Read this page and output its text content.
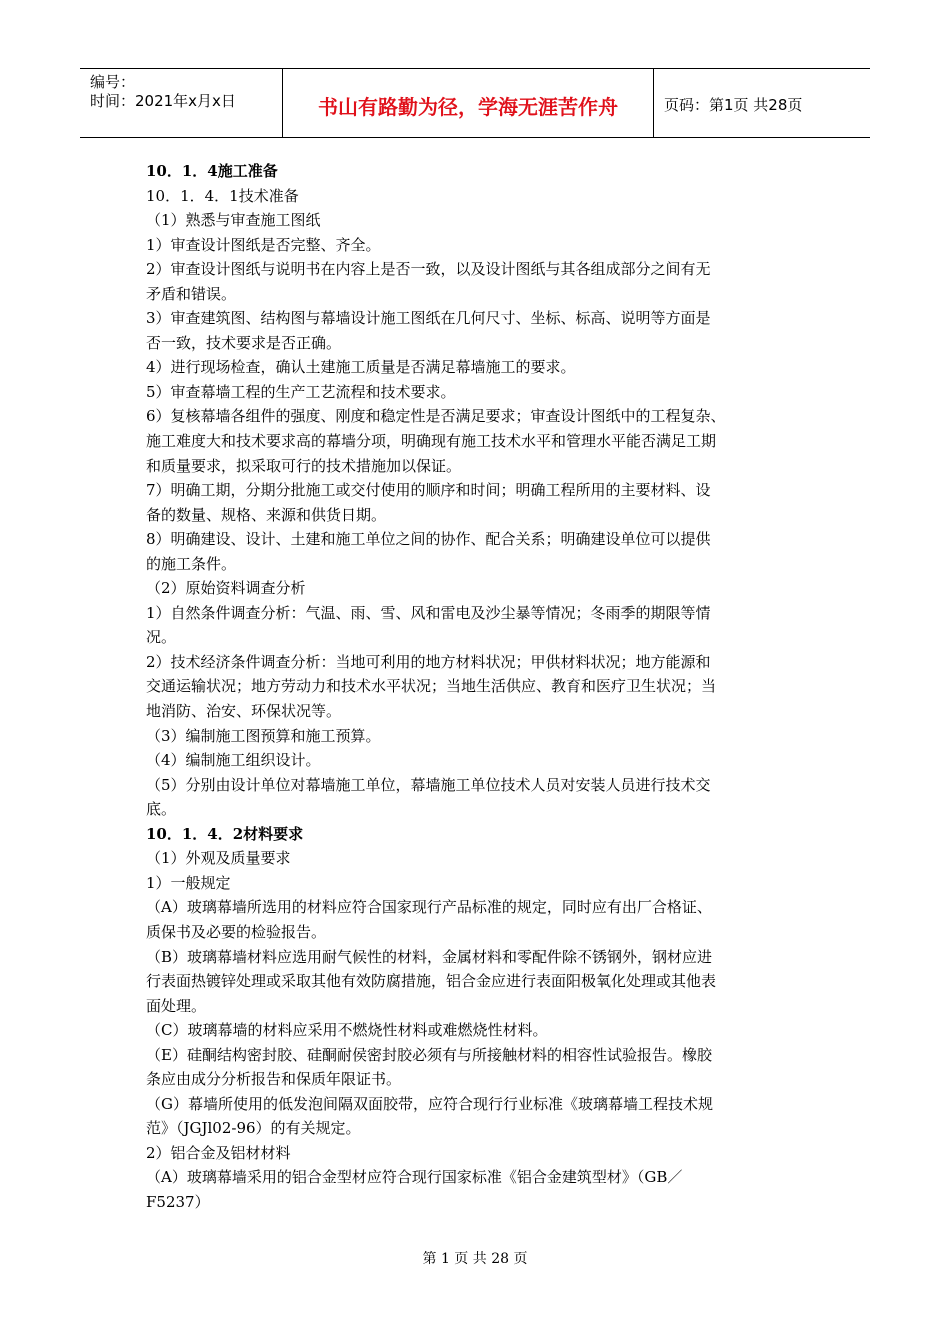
编号：
时间：2021年x月x日	书山有路勤为径，学海无涯苦作舟	页码：第1页 共28页
10．1．4施工准备
10．1．4．1技术准备
（1）熟悉与审查施工图纸
1）审查设计图纸是否完整、齐全。
2）审查设计图纸与说明书在内容上是否一致，以及设计图纸与其各组成部分之间有无
矛盾和错误。
3）审查建筑图、结构图与幕墙设计施工图纸在几何尺寸、坐标、标高、说明等方面是
否一致，技术要求是否正确。
4）进行现场检查，确认土建施工质量是否满足幕墙施工的要求。
5）审查幕墙工程的生产工艺流程和技术要求。
6）复核幕墙各组件的强度、刚度和稳定性是否满足要求；审查设计图纸中的工程复杂、
施工难度大和技术要求高的幕墙分项，明确现有施工技术水平和管理水平能否满足工期
和质量要求，拟采取可行的技术措施加以保证。
7）明确工期，分期分批施工或交付使用的顺序和时间；明确工程所用的主要材料、设
备的数量、规格、来源和供货日期。
8）明确建设、设计、土建和施工单位之间的协作、配合关系；明确建设单位可以提供
的施工条件。
（2）原始资料调查分析
1）自然条件调查分析：气温、雨、雪、风和雷电及沙尘暴等情况；冬雨季的期限等情
况。
2）技术经济条件调查分析：当地可利用的地方材料状况；甲供材料状况；地方能源和
交通运输状况；地方劳动力和技术水平状况；当地生活供应、教育和医疗卫生状况；当
地消防、治安、环保状况等。
（3）编制施工图预算和施工预算。
（4）编制施工组织设计。
（5）分别由设计单位对幕墙施工单位，幕墙施工单位技术人员对安装人员进行技术交
底。
10．1．4．2材料要求
（1）外观及质量要求
1）一般规定
（A）玻璃幕墙所选用的材料应符合国家现行产品标准的规定，同时应有出厂合格证、
质保书及必要的检验报告。
（B）玻璃幕墙材料应选用耐气候性的材料，金属材料和零配件除不锈钢外，钢材应进
行表面热镀锌处理或采取其他有效防腐措施，铝合金应进行表面阳极氧化处理或其他表
面处理。
（C）玻璃幕墙的材料应采用不燃烧性材料或难燃烧性材料。
（E）硅酮结构密封胶、硅酮耐侯密封胶必须有与所接触材料的相容性试验报告。橡胶
条应由成分分析报告和保质年限证书。
（G）幕墙所使用的低发泡间隔双面胶带，应符合现行行业标准《玻璃幕墙工程技术规
范》（JGJl02-96）的有关规定。
2）铝合金及铝材材料
（A）玻璃幕墙采用的铝合金型材应符合现行国家标准《铝合金建筑型材》（GB／
F5237）
第 1 页 共 28 页
